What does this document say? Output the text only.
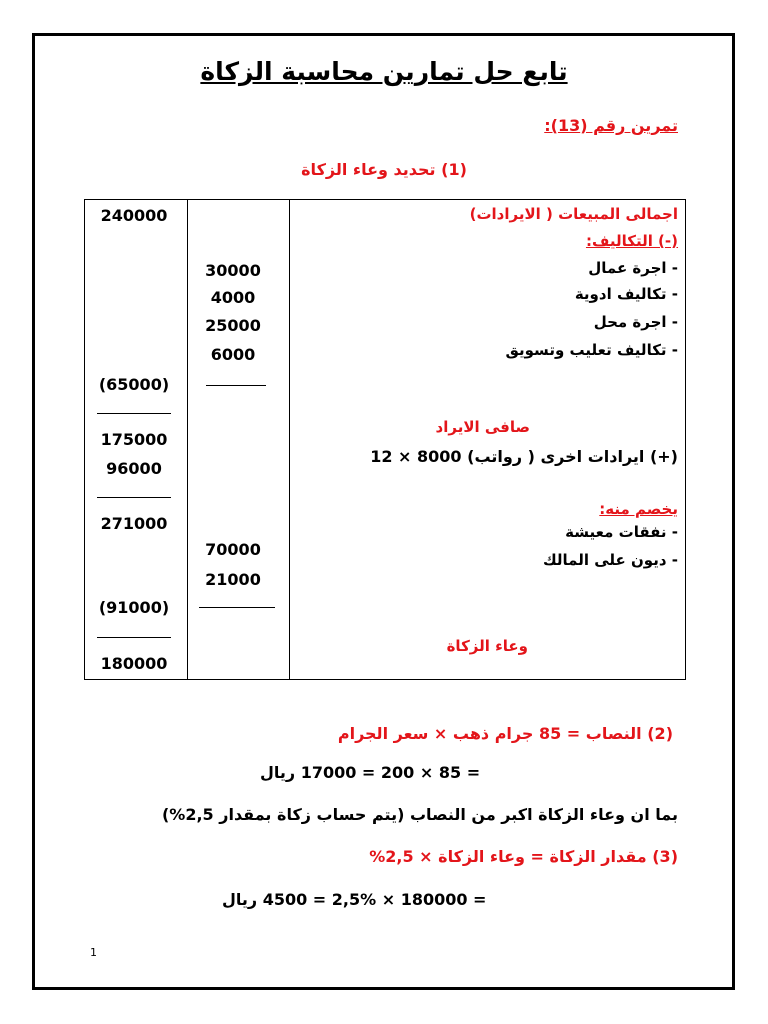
تابع حل تمارين محاسبة الزكاة
تمرين رقم (13):
(1) تحديد وعاء الزكاة
اجمالى المبيعات ( الايرادات)
(-) التكاليف:
- اجرة عمال
- تكاليف ادوية
- اجرة محل
- تكاليف تعليب وتسويق
صافى الايراد
(+) ايرادات اخرى ( رواتب) 8000 × 12
يخصم منه:
- نفقات معيشة
- ديون على المالك
وعاء الزكاة
30000
4000
25000
6000
70000
21000
240000
(65000)
175000
96000
271000
(91000)
180000
(2) النصاب = 85 جرام ذهب × سعر الجرام
= 85 × 200 = 17000 ريال
بما ان وعاء الزكاة اكبر من النصاب (يتم حساب زكاة بمقدار 2,5%)
(3) مقدار الزكاة = وعاء الزكاة × 2,5%
= 180000 × 2,5% = 4500 ريال
1
